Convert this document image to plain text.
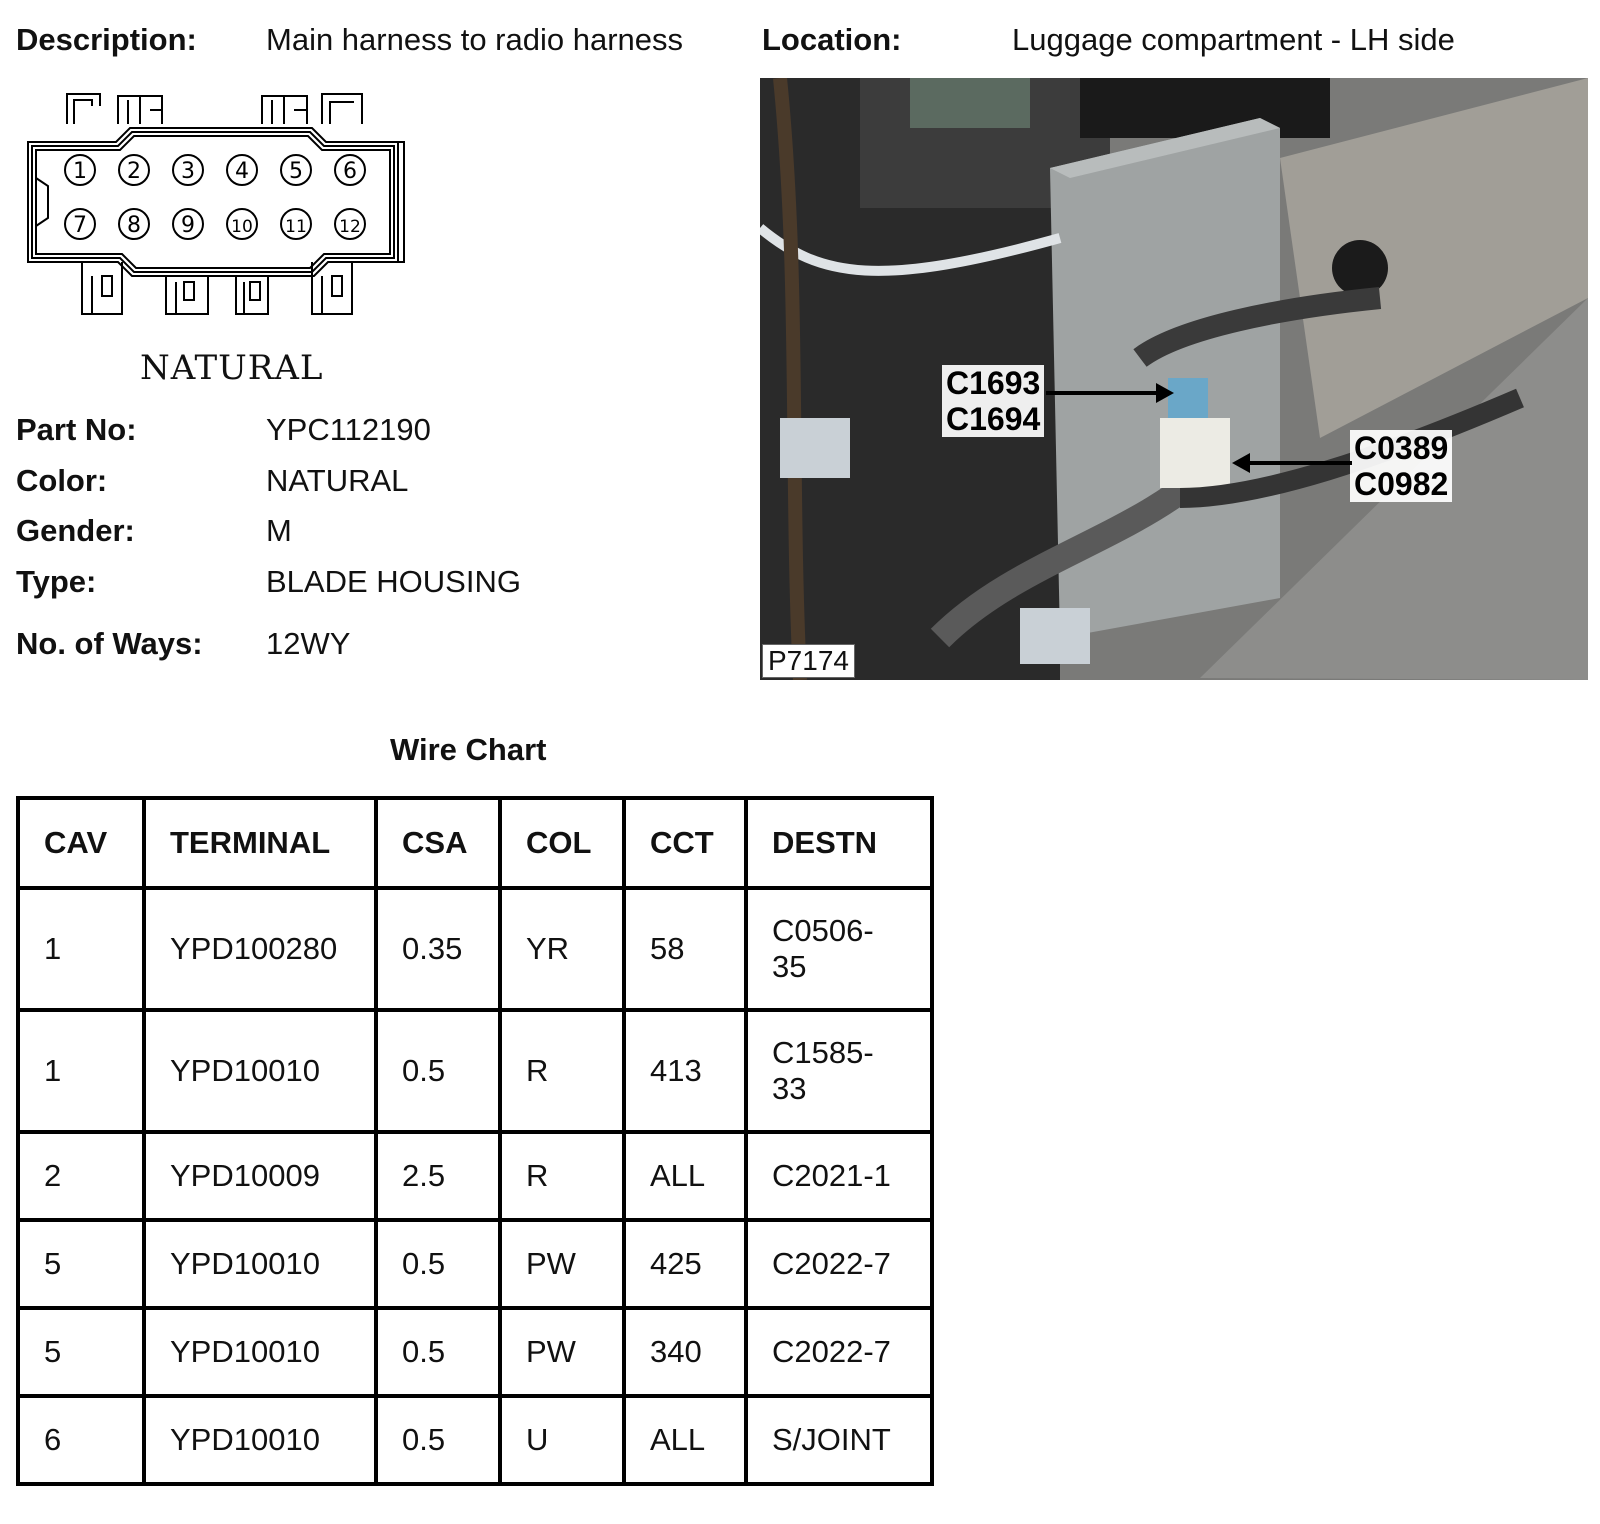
Description: Main harness to radio harness	Location:	Luggage compartment - LH side
1 2 3 4 5 6
7 8 9 10 11 12
NATURAL
Part No:	YPC112190
Color:	NATURAL
Gender:	M
Type:	BLADE HOUSING
No. of Ways: 12WY
C1693
C1694
C0389
C0982
P7174
Wire Chart
CAV	TERMINAL	CSA	COL	CCT	DESTN
1	YPD100280	0.35	YR	58	C0506-
35
1	YPD10010	0.5	R	413	C1585-
33
2	YPD10009	2.5	R	ALL	C2021-1
5	YPD10010	0.5	PW	425	C2022-7
5	YPD10010	0.5	PW	340	C2022-7
6	YPD10010	0.5	U	ALL	S/JOINT
